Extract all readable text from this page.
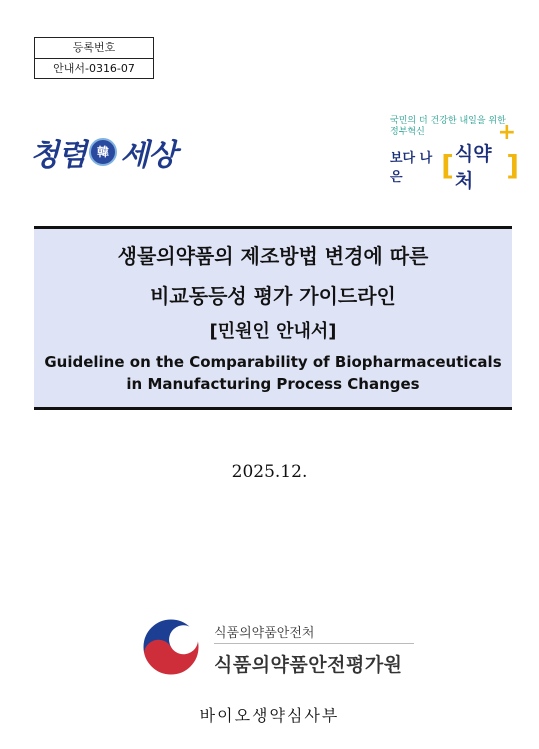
등록번호
안내서-0316-07
청렴 韓 세상
국민의 더 건강한 내일을 위한
정부혁신
보다 나은	[ 식약처	]
+
생물의약품의 제조방법 변경에 따른
비교동등성 평가 가이드라인
[민원인 안내서]
Guideline on the Comparability of Biopharmaceuticals
in Manufacturing Process Changes
2025.12.
식품의약품안전처
식품의약품안전평가원
바이오생약심사부
